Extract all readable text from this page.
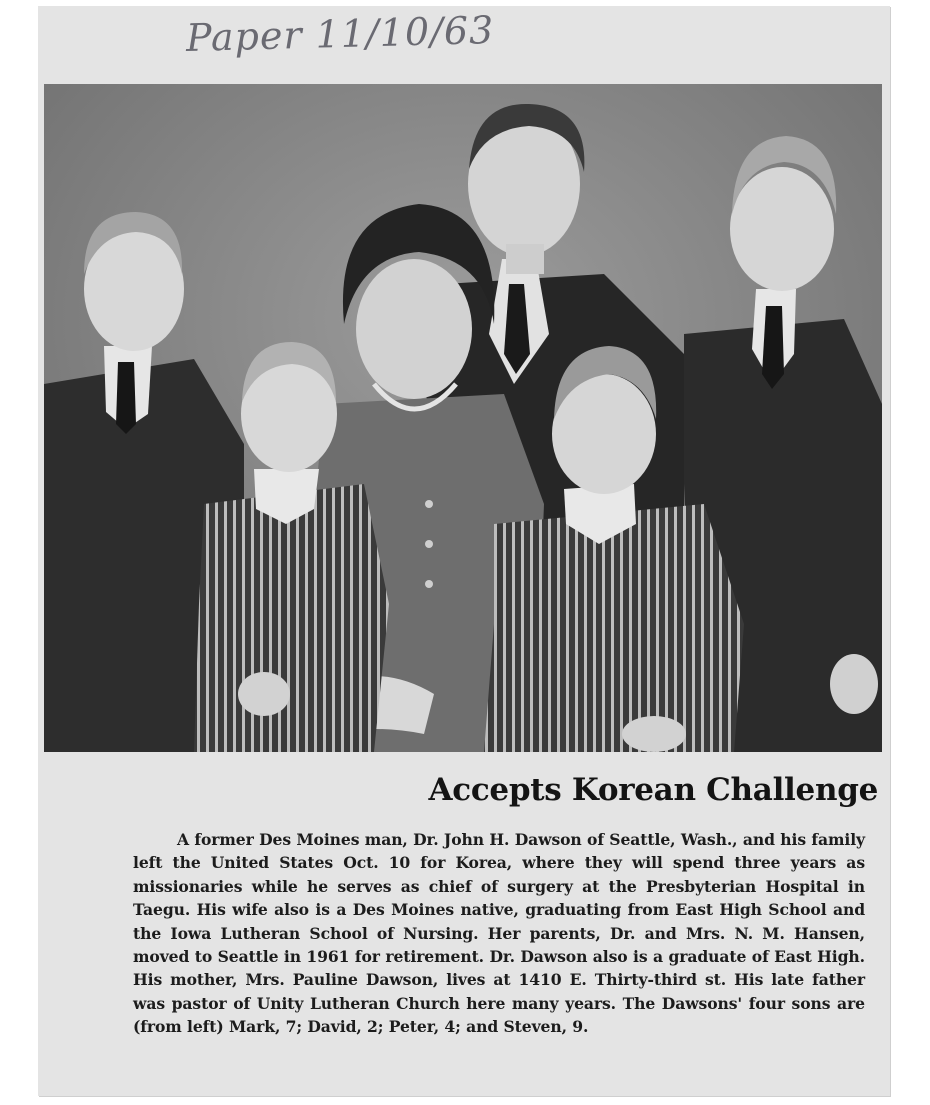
Paper 11/10/63
Accepts Korean Challenge
A former Des Moines man, Dr. John H. Dawson of Seattle, Wash., and his family left the United States Oct. 10 for Korea, where they will spend three years as missionaries while he serves as chief of surgery at the Presbyterian Hospital in Taegu. His wife also is a Des Moines native, graduating from East High School and the Iowa Lutheran School of Nursing. Her parents, Dr. and Mrs. N. M. Hansen, moved to Seattle in 1961 for retirement. Dr. Dawson also is a graduate of East High. His mother, Mrs. Pauline Dawson, lives at 1410 E. Thirty-third st. His late father was pastor of Unity Lutheran Church here many years. The Dawsons' four sons are (from left) Mark, 7; David, 2; Peter, 4; and Steven, 9.
